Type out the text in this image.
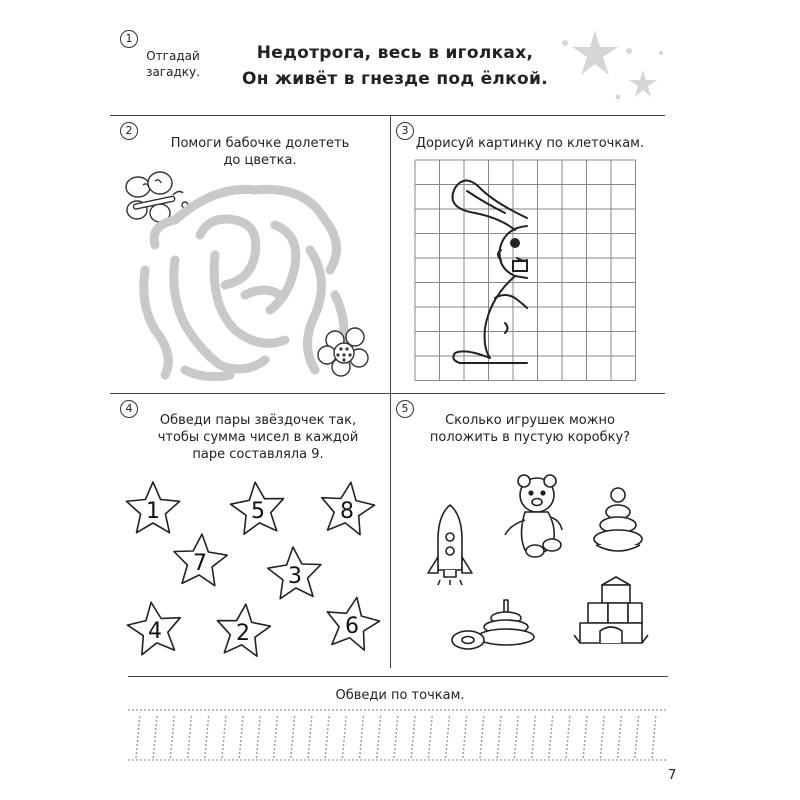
1
Отгадай
загадку.
Недотрога, весь в иголках,
Он живёт в гнезде под ёлкой.
2
Помоги бабочке долететь
до цветка.
3
Дорисуй картинку по клеточкам.
4
Обведи пары звёздочек так,
чтобы сумма чисел в каждой
паре составляла 9.
1	5	8
7
3
4	2	6
5
Сколько игрушек можно
положить в пустую коробку?
Обведи по точкам.
7
